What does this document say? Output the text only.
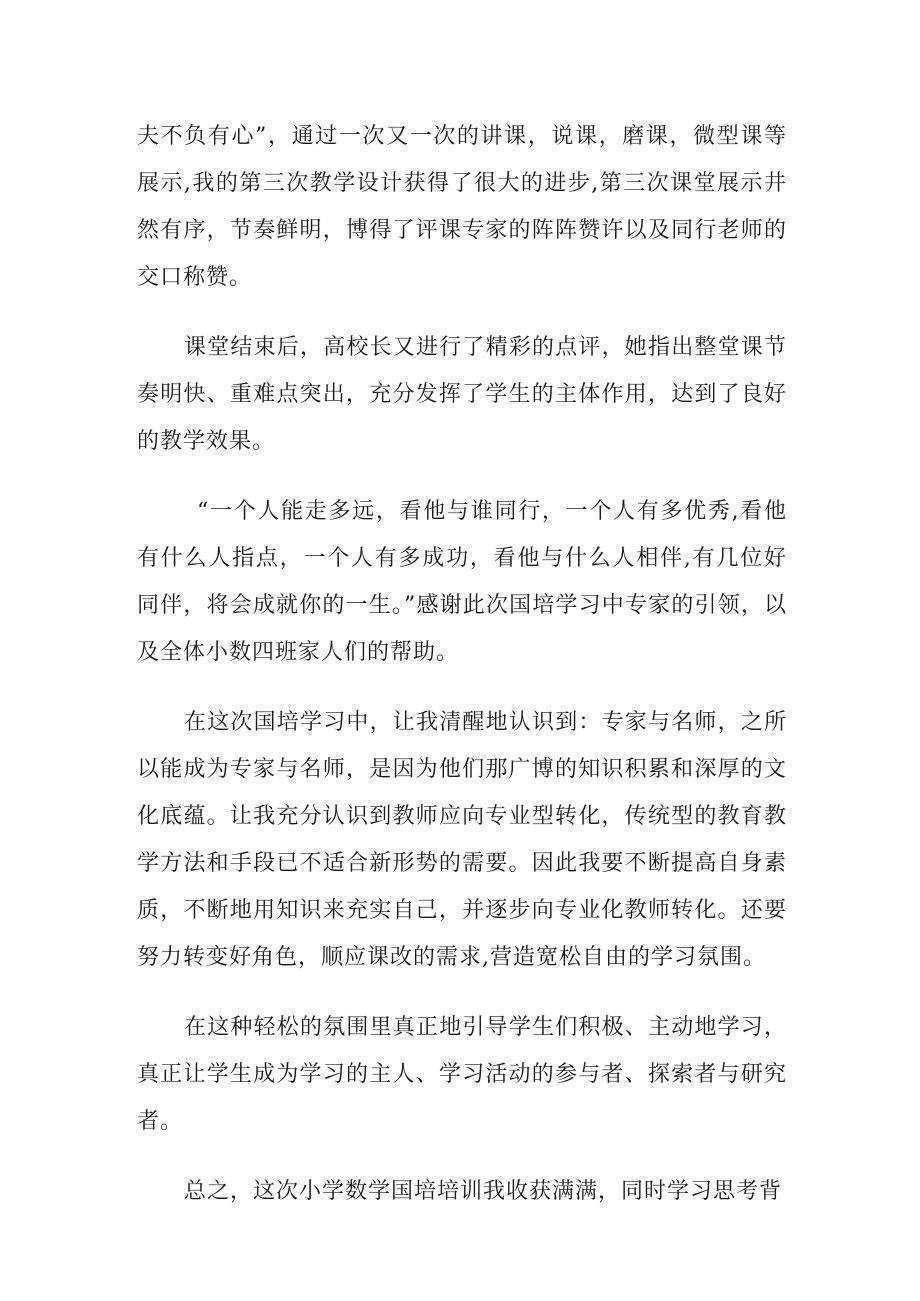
夫不负有心”，通过一次又一次的讲课，说课，磨课，微型课等展示,我的第三次教学设计获得了很大的进步,第三次课堂展示井然有序，节奏鲜明，博得了评课专家的阵阵赞许以及同行老师的交口称赞。

课堂结束后，高校长又进行了精彩的点评，她指出整堂课节奏明快、重难点突出，充分发挥了学生的主体作用，达到了良好的教学效果。

“一个人能走多远，看他与谁同行，一个人有多优秀,看他有什么人指点，一个人有多成功，看他与什么人相伴,有几位好同伴，将会成就你的一生。”感谢此次国培学习中专家的引领，以及全体小数四班家人们的帮助。

在这次国培学习中，让我清醒地认识到：专家与名师，之所以能成为专家与名师，是因为他们那广博的知识积累和深厚的文化底蕴。让我充分认识到教师应向专业型转化，传统型的教育教学方法和手段已不适合新形势的需要。因此我要不断提高自身素质，不断地用知识来充实自己，并逐步向专业化教师转化。还要努力转变好角色，顺应课改的需求,营造宽松自由的学习氛围。

在这种轻松的氛围里真正地引导学生们积极、主动地学习，真正让学生成为学习的主人、学习活动的参与者、探索者与研究者。

总之，这次小学数学国培培训我收获满满，同时学习思考背
